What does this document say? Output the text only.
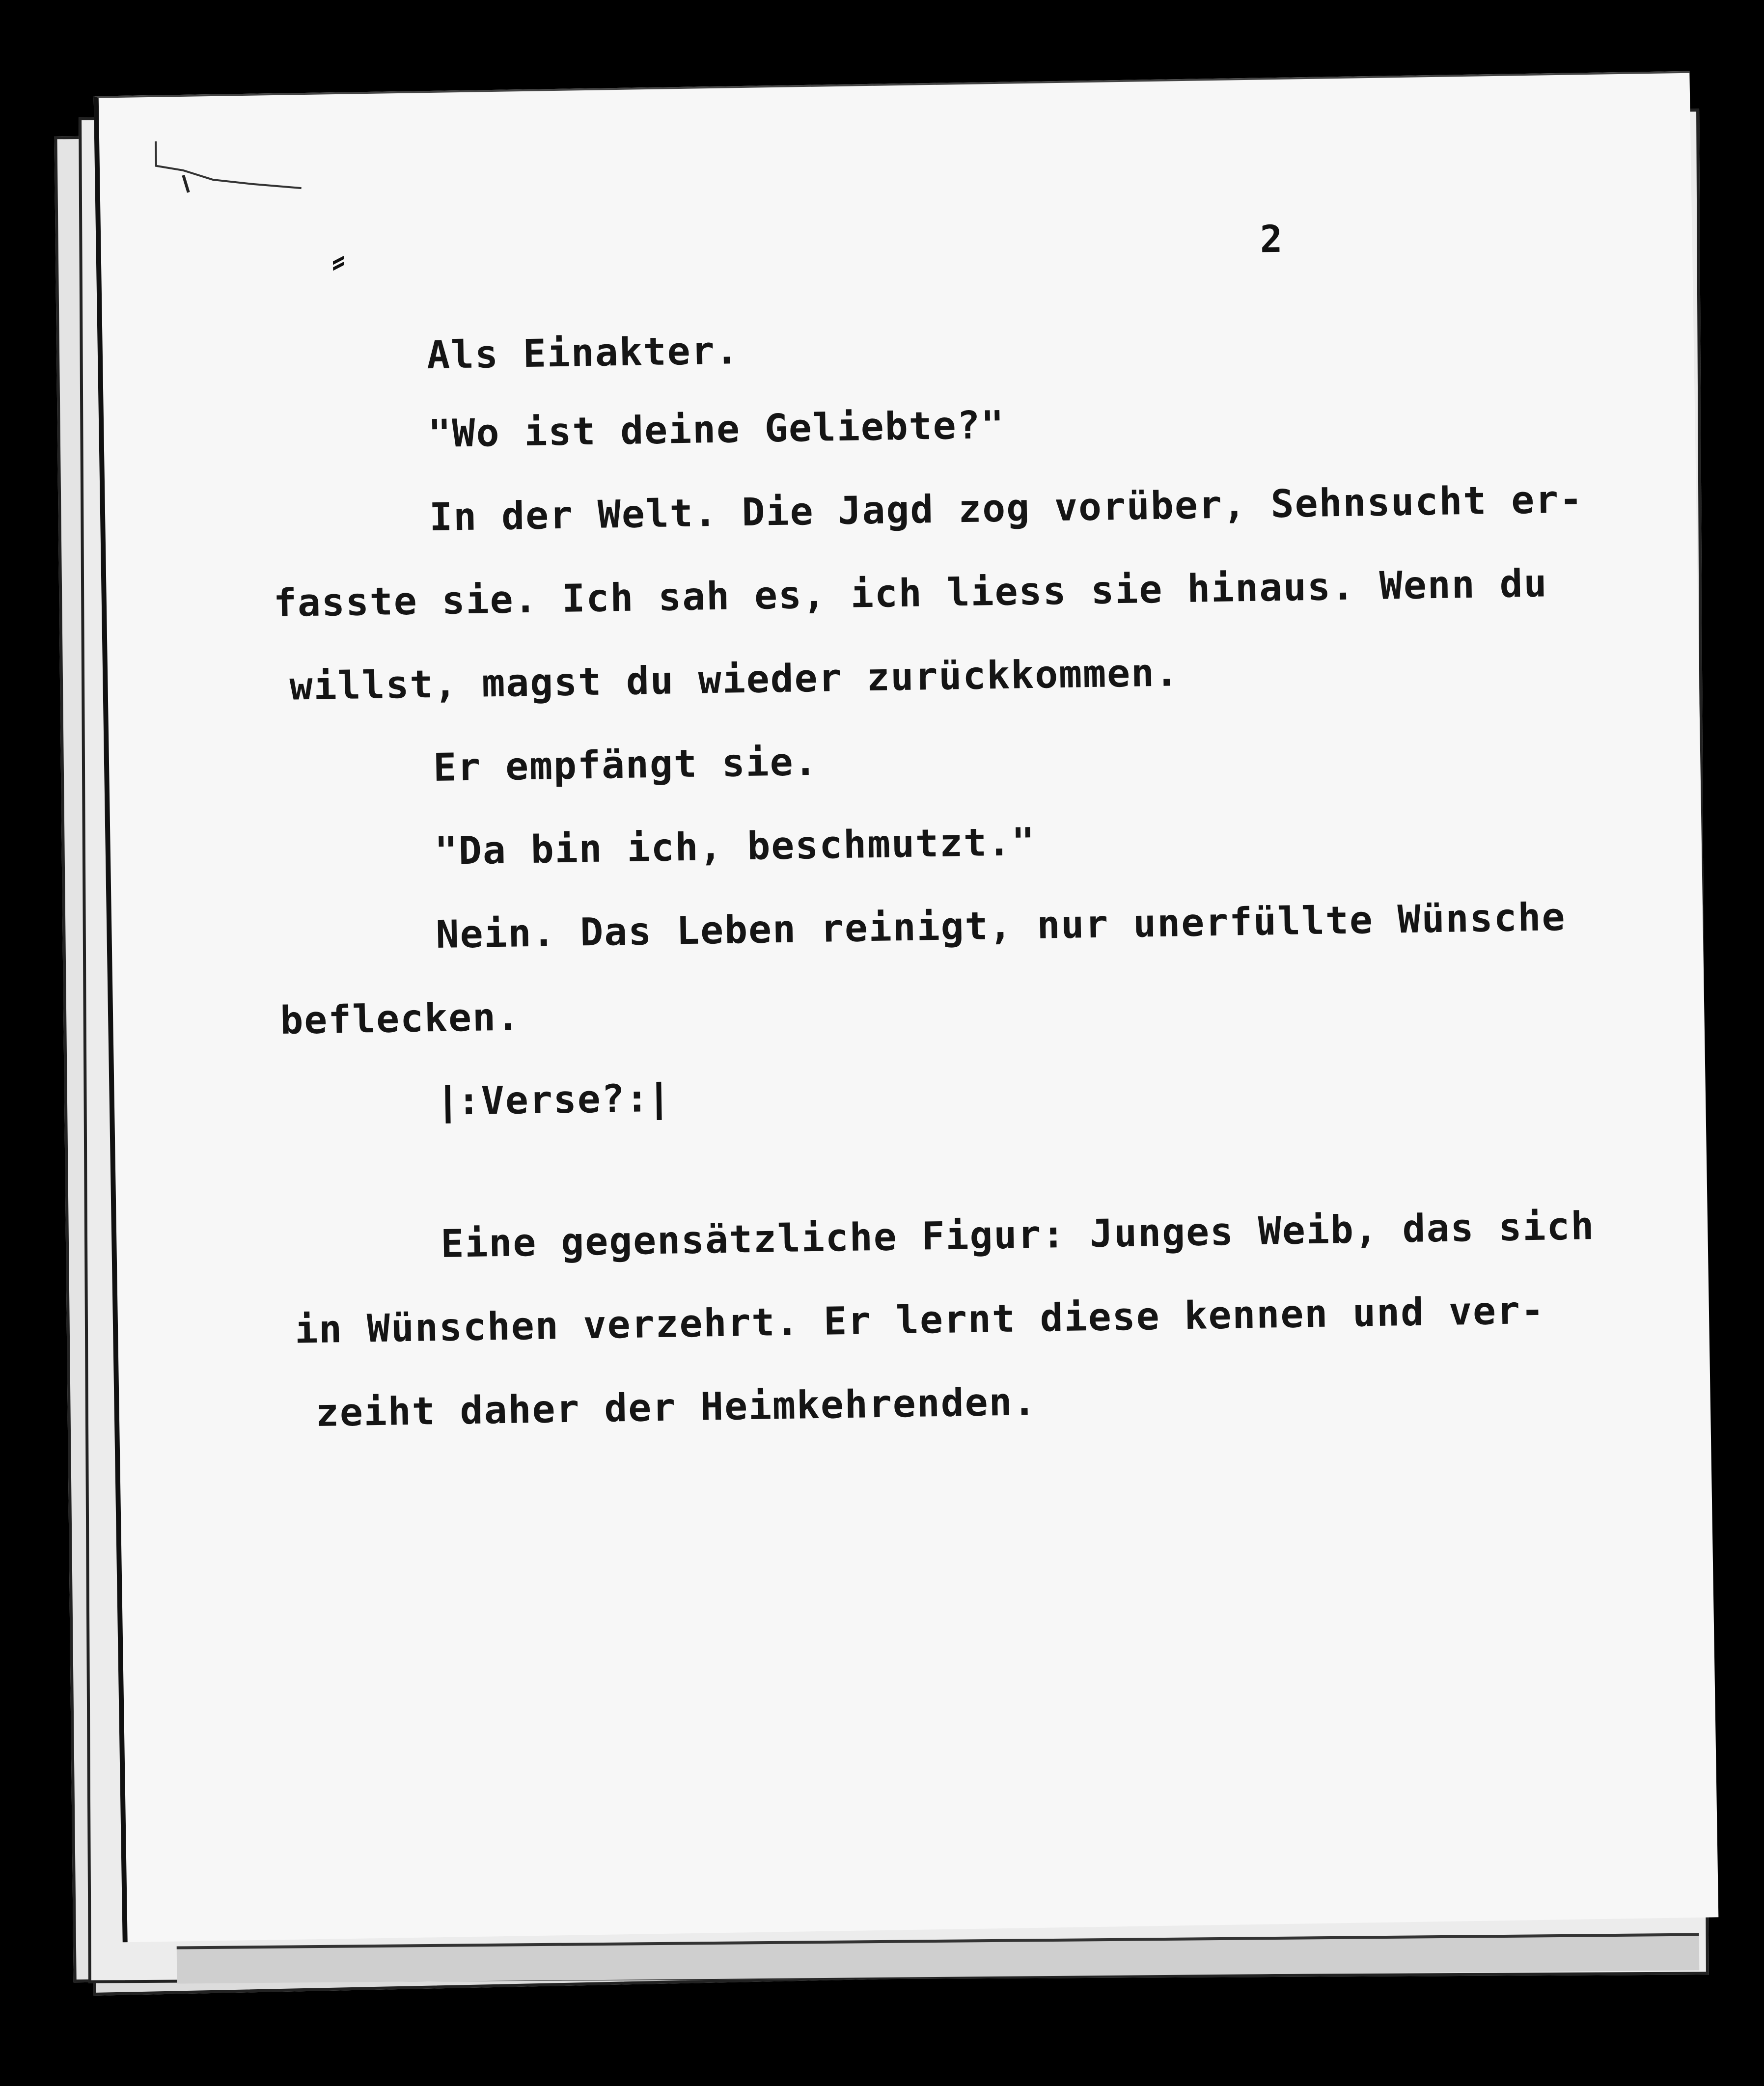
⸗	2
Als Einakter.
"Wo ist deine Geliebte?"
In der Welt. Die Jagd zog vorüber, Sehnsucht er-
fasste sie. Ich sah es, ich liess sie hinaus. Wenn du
willst, magst du wieder zurückkommen.
Er empfängt sie.
"Da bin ich, beschmutzt."
Nein. Das Leben reinigt, nur unerfüllte Wünsche
beflecken.
:Verse?:
Eine gegensätzliche Figur: Junges Weib, das sich
in Wünschen verzehrt. Er lernt diese kennen und ver-
zeiht daher der Heimkehrenden.
